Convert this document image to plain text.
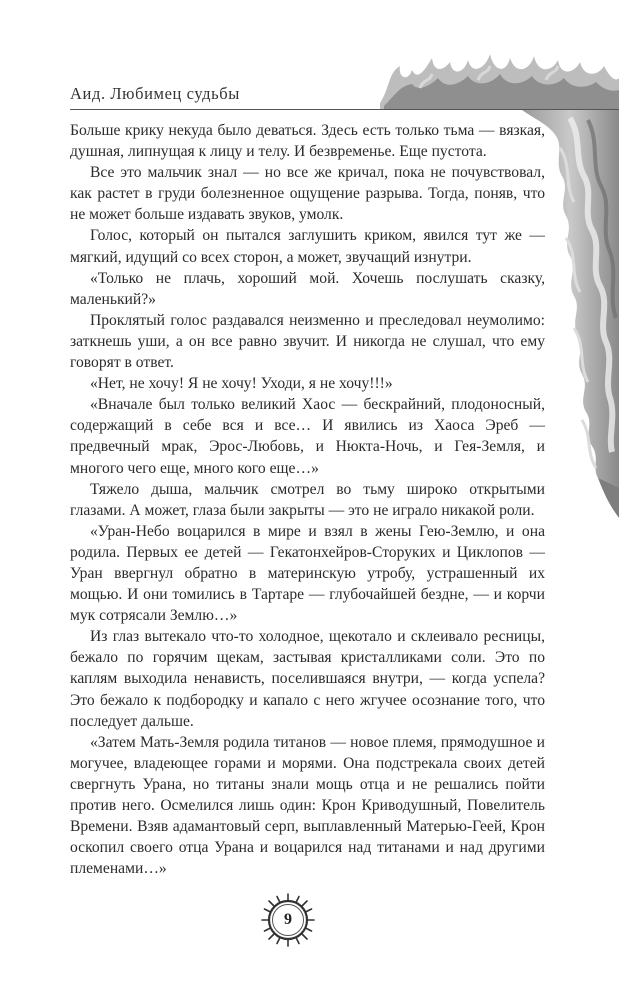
Аид. Любимец судьбы

Больше крику некуда было деваться. Здесь есть только тьма — вязкая, душная, липнущая к лицу и телу. И безвременье. Еще пустота.

Все это мальчик знал — но все же кричал, пока не почувствовал, как растет в груди болезненное ощущение разрыва. Тогда, поняв, что не может больше издавать звуков, умолк.

Голос, который он пытался заглушить криком, явился тут же — мягкий, идущий со всех сторон, а может, звучащий изнутри.

«Только не плачь, хороший мой. Хочешь послушать сказку, маленький?»

Проклятый голос раздавался неизменно и преследовал неумолимо: заткнешь уши, а он все равно звучит. И никогда не слушал, что ему говорят в ответ.

«Нет, не хочу! Я не хочу! Уходи, я не хочу!!!»

«Вначале был только великий Хаос — бескрайний, плодоносный, содержащий в себе вся и все… И явились из Хаоса Эреб — предвечный мрак, Эрос-Любовь, и Нюкта-Ночь, и Гея-Земля, и многого чего еще, много кого еще…»

Тяжело дыша, мальчик смотрел во тьму широко открытыми глазами. А может, глаза были закрыты — это не играло никакой роли.

«Уран-Небо воцарился в мире и взял в жены Гею-Землю, и она родила. Первых ее детей — Гекатонхейров-Сторуких и Циклопов — Уран ввергнул обратно в материнскую утробу, устрашенный их мощью. И они томились в Тартаре — глубочайшей бездне, — и корчи мук сотрясали Землю…»

Из глаз вытекало что-то холодное, щекотало и склеивало ресницы, бежало по горячим щекам, застывая кристалликами соли. Это по каплям выходила ненависть, поселившаяся внутри, — когда успела? Это бежало к подбородку и капало с него жгучее осознание того, что последует дальше.

«Затем Мать-Земля родила титанов — новое племя, прямодушное и могучее, владеющее горами и морями. Она подстрекала своих детей свергнуть Урана, но титаны знали мощь отца и не решались пойти против него. Осмелился лишь один: Крон Криводушный, Повелитель Времени. Взяв адамантовый серп, выплавленный Матерью-Геей, Крон оскопил своего отца Урана и воцарился над титанами и над другими племенами…»

9
